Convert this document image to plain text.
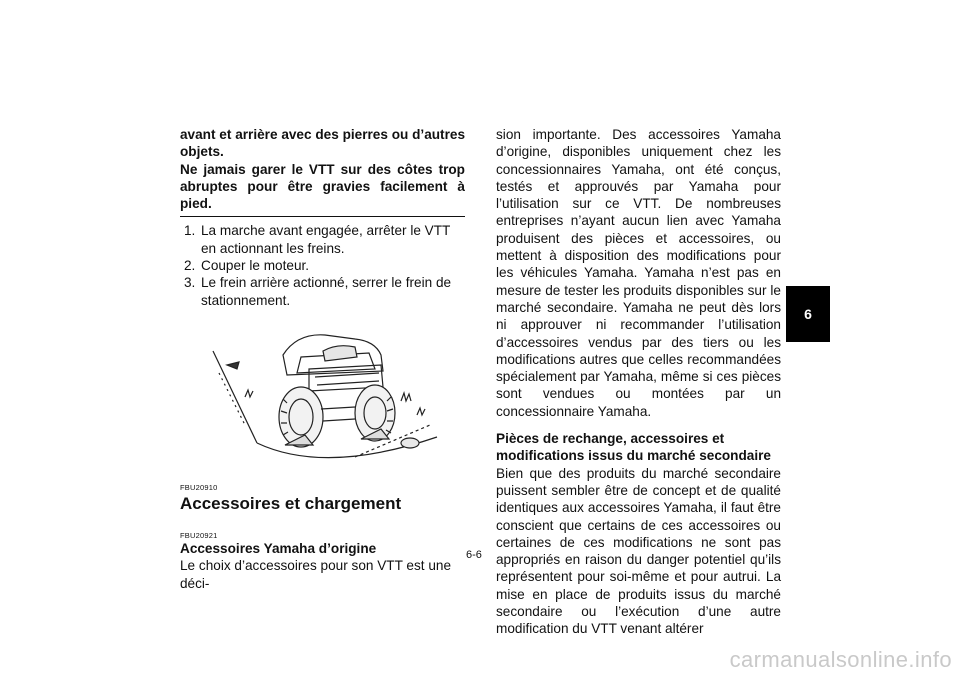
avant et arrière avec des pierres ou d’autres objets.
Ne jamais garer le VTT sur des côtes trop abruptes pour être gravies facilement à pied.
1. La marche avant engagée, arrêter le VTT en actionnant les freins.
2. Couper le moteur.
3. Le frein arrière actionné, serrer le frein de stationnement.
FBU20910
Accessoires et chargement
FBU20921
Accessoires Yamaha d’origine
Le choix d’accessoires pour son VTT est une déci-
sion importante. Des accessoires Yamaha d’origine, disponibles uniquement chez les concessionnaires Yamaha, ont été conçus, testés et approuvés par Yamaha pour l’utilisation sur ce VTT. De nombreuses entreprises n’ayant aucun lien avec Yamaha produisent des pièces et accessoires, ou mettent à disposition des modifications pour les véhicules Yamaha. Yamaha n’est pas en mesure de tester les produits disponibles sur le marché secondaire. Yamaha ne peut dès lors ni approuver ni recommander l’utilisation d’accessoires vendus par des tiers ou les modifications autres que celles recommandées spécialement par Yamaha, même si ces pièces sont vendues ou montées par un concessionnaire Yamaha.
Pièces de rechange, accessoires et modifications issus du marché secondaire
Bien que des produits du marché secondaire puissent sembler être de concept et de qualité identiques aux accessoires Yamaha, il faut être conscient que certains de ces accessoires ou certaines de ces modifications ne sont pas appropriés en raison du danger potentiel qu’ils représentent pour soi-même et pour autrui. La mise en place de produits issus du marché secondaire ou l’exécution d’une autre modification du VTT venant altérer
6
6-6
carmanualsonline.info
